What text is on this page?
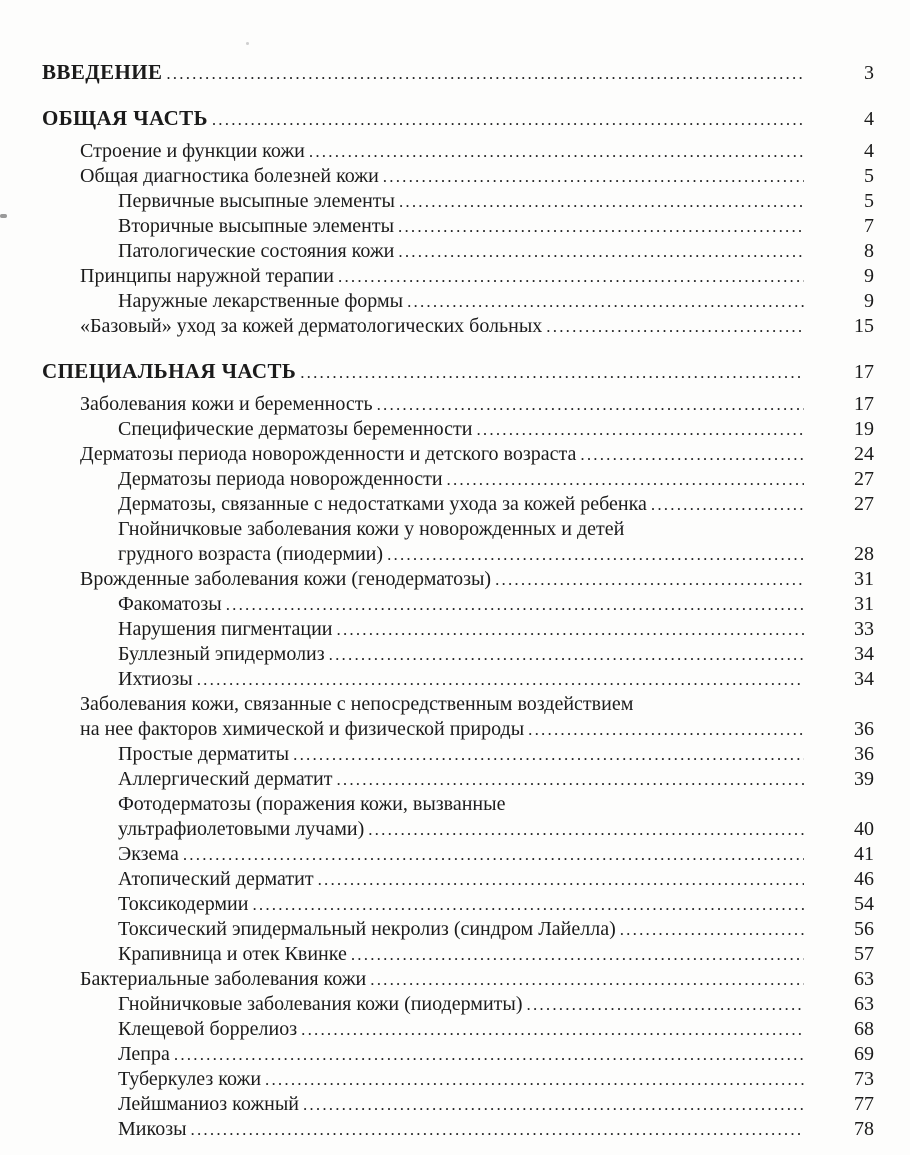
ВВЕДЕНИЕ .....	3
ОБЩАЯ ЧАСТЬ .....	4
Строение и функции кожи .....	4
Общая диагностика болезней кожи .....	5
Первичные высыпные элементы .....	5
Вторичные высыпные элементы .....	7
Патологические состояния кожи .....	8
Принципы наружной терапии .....	9
Наружные лекарственные формы .....	9
«Базовый» уход за кожей дерматологических больных .....	15
СПЕЦИАЛЬНАЯ ЧАСТЬ .....	17
Заболевания кожи и беременность .....	17
Специфические дерматозы беременности .....	19
Дерматозы периода новорожденности и детского возраста .....	24
Дерматозы периода новорожденности .....	27
Дерматозы, связанные с недостатками ухода за кожей ребенка .....	27
Гнойничковые заболевания кожи у новорожденных и детей
грудного возраста (пиодермии) .....	28
Врожденные заболевания кожи (генодерматозы) .....	31
Факоматозы .....	31
Нарушения пигментации .....	33
Буллезный эпидермолиз .....	34
Ихтиозы .....	34
Заболевания кожи, связанные с непосредственным воздействием
на нее факторов химической и физической природы .....	36
Простые дерматиты .....	36
Аллергический дерматит .....	39
Фотодерматозы (поражения кожи, вызванные
ультрафиолетовыми лучами) .....	40
Экзема .....	41
Атопический дерматит .....	46
Токсикодермии .....	54
Токсический эпидермальный некролиз (синдром Лайелла) .....	56
Крапивница и отек Квинке .....	57
Бактериальные заболевания кожи .....	63
Гнойничковые заболевания кожи (пиодермиты) .....	63
Клещевой боррелиоз .....	68
Лепра .....	69
Туберкулез кожи .....	73
Лейшманиоз кожный .....	77
Микозы .....	78
